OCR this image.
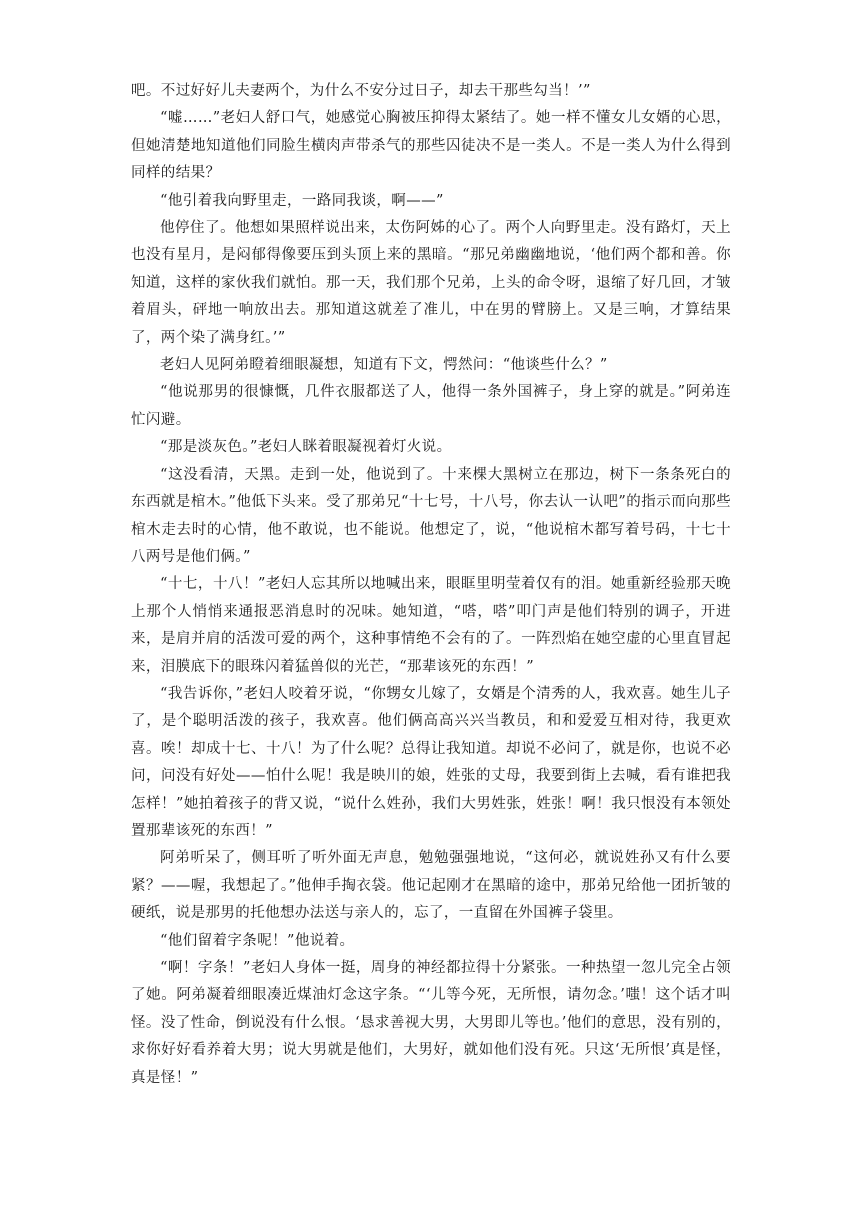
吧。不过好好儿夫妻两个，为什么不安分过日子，却去干那些勾当！’”

“嘘……”老妇人舒口气，她感觉心胸被压抑得太紧结了。她一样不懂女儿女婿的心思，但她清楚地知道他们同脸生横肉声带杀气的那些囚徒决不是一类人。不是一类人为什么得到同样的结果？

“他引着我向野里走，一路同我谈，啊——”

他停住了。他想如果照样说出来，太伤阿姊的心了。两个人向野里走。没有路灯，天上也没有星月，是闷郁得像要压到头顶上来的黑暗。“那兄弟幽幽地说，‘他们两个都和善。你知道，这样的家伙我们就怕。那一天，我们那个兄弟，上头的命令呀，退缩了好几回，才皱着眉头，砰地一响放出去。那知道这就差了准儿，中在男的臂膀上。又是三响，才算结果了，两个染了满身红。’”

老妇人见阿弟瞪着细眼凝想，知道有下文，愕然问：“他谈些什么？”

“他说那男的很慷慨，几件衣服都送了人，他得一条外国裤子，身上穿的就是。”阿弟连忙闪避。

“那是淡灰色。”老妇人眯着眼凝视着灯火说。

“这没看清，天黑。走到一处，他说到了。十来棵大黑树立在那边，树下一条条死白的东西就是棺木。”他低下头来。受了那弟兄“十七号，十八号，你去认一认吧”的指示而向那些棺木走去时的心情，他不敢说，也不能说。他想定了，说，“他说棺木都写着号码，十七十八两号是他们俩。”

“十七，十八！”老妇人忘其所以地喊出来，眼眶里明莹着仅有的泪。她重新经验那天晚上那个人悄悄来通报恶消息时的况味。她知道，“嗒，嗒”叩门声是他们特别的调子，开进来，是肩并肩的活泼可爱的两个，这种事情绝不会有的了。一阵烈焰在她空虚的心里直冒起来，泪膜底下的眼珠闪着猛兽似的光芒，“那辈该死的东西！”

“我告诉你，”老妇人咬着牙说，“你甥女儿嫁了，女婿是个清秀的人，我欢喜。她生儿子了，是个聪明活泼的孩子，我欢喜。他们俩高高兴兴当教员，和和爱爱互相对待，我更欢喜。唉！却成十七、十八！为了什么呢？总得让我知道。却说不必问了，就是你，也说不必问，问没有好处——怕什么呢！我是映川的娘，姓张的丈母，我要到街上去喊，看有谁把我怎样！”她拍着孩子的背又说，“说什么姓孙，我们大男姓张，姓张！啊！我只恨没有本领处置那辈该死的东西！”

阿弟听呆了，侧耳听了听外面无声息，勉勉强强地说，“这何必，就说姓孙又有什么要紧？——喔，我想起了。”他伸手掏衣袋。他记起刚才在黑暗的途中，那弟兄给他一团折皱的硬纸，说是那男的托他想办法送与亲人的，忘了，一直留在外国裤子袋里。

“他们留着字条呢！”他说着。

“啊！字条！”老妇人身体一挺，周身的神经都拉得十分紧张。一种热望一忽儿完全占领了她。阿弟凝着细眼凑近煤油灯念这字条。“‘儿等今死，无所恨，请勿念。’嗤！这个话才叫怪。没了性命，倒说没有什么恨。‘恳求善视大男，大男即儿等也。’他们的意思，没有别的，求你好好看养着大男；说大男就是他们，大男好，就如他们没有死。只这‘无所恨’真是怪，真是怪！”
